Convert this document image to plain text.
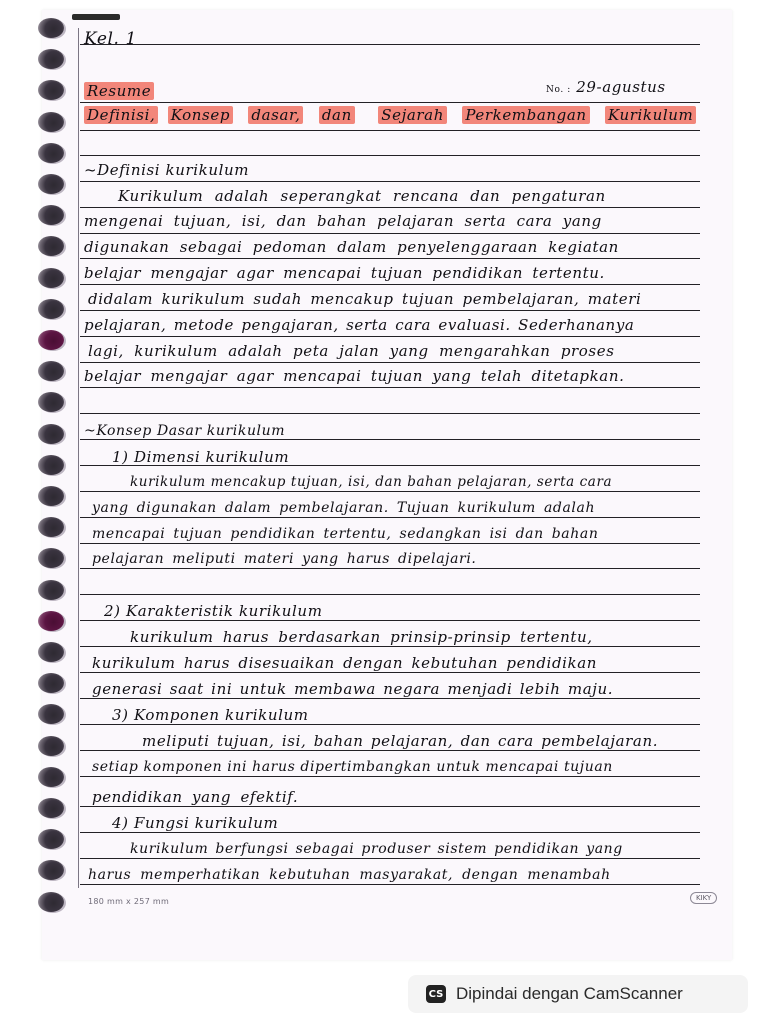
Kel. 1
Resume	No. : 29-agustus
Definisi, Konsep dasar, dan Sejarah Perkembangan Kurikulum
~Definisi kurikulum
Kurikulum adalah seperangkat rencana dan pengaturan
mengenai tujuan, isi, dan bahan pelajaran serta cara yang
digunakan sebagai pedoman dalam penyelenggaraan kegiatan
belajar mengajar agar mencapai tujuan pendidikan tertentu.
didalam kurikulum sudah mencakup tujuan pembelajaran, materi
pelajaran, metode pengajaran, serta cara evaluasi. Sederhananya
lagi, kurikulum adalah peta jalan yang mengarahkan proses
belajar mengajar agar mencapai tujuan yang telah ditetapkan.
~Konsep Dasar kurikulum
1) Dimensi kurikulum
kurikulum mencakup tujuan, isi, dan bahan pelajaran, serta cara
yang digunakan dalam pembelajaran. Tujuan kurikulum adalah
mencapai tujuan pendidikan tertentu, sedangkan isi dan bahan
pelajaran meliputi materi yang harus dipelajari.
2) Karakteristik kurikulum
kurikulum harus berdasarkan prinsip-prinsip tertentu,
kurikulum harus disesuaikan dengan kebutuhan pendidikan
generasi saat ini untuk membawa negara menjadi lebih maju.
3) Komponen kurikulum
meliputi tujuan, isi, bahan pelajaran, dan cara pembelajaran.
setiap komponen ini harus dipertimbangkan untuk mencapai tujuan
pendidikan yang efektif.
4) Fungsi kurikulum
kurikulum berfungsi sebagai produser sistem pendidikan yang
harus memperhatikan kebutuhan masyarakat, dengan menambah
180 mm x 257 mm	KIKY
CS Dipindai dengan CamScanner
